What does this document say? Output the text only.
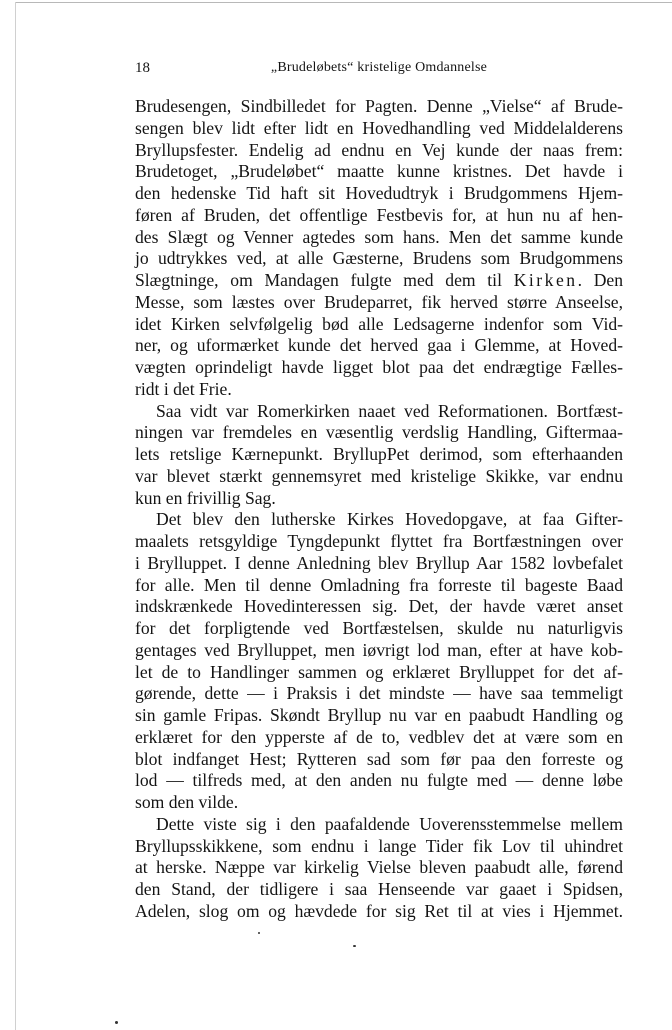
18	„Brudeløbets“ kristelige Omdannelse
Brudesengen, Sindbilledet for Pagten. Denne „Vielse“ af Brude-
sengen blev lidt efter lidt en Hovedhandling ved Middelalderens
Bryllupsfester. Endelig ad endnu en Vej kunde der naas frem:
Brudetoget, „Brudeløbet“ maatte kunne kristnes. Det havde i
den hedenske Tid haft sit Hovedudtryk i Brudgommens Hjem-
føren af Bruden, det offentlige Festbevis for, at hun nu af hen-
des Slægt og Venner agtedes som hans. Men det samme kunde
jo udtrykkes ved, at alle Gæsterne, Brudens som Brudgommens
Slægtninge, om Mandagen fulgte med dem til Kirken. Den
Messe, som læstes over Brudeparret, fik herved større Anseelse,
idet Kirken selvfølgelig bød alle Ledsagerne indenfor som Vid-
ner, og uformærket kunde det herved gaa i Glemme, at Hoved-
vægten oprindeligt havde ligget blot paa det endrægtige Fælles-
ridt i det Frie.
Saa vidt var Romerkirken naaet ved Reformationen. Bortfæst-
ningen var fremdeles en væsentlig verdslig Handling, Giftermaa-
lets retslige Kærnepunkt. BryllupPet derimod, som efterhaanden
var blevet stærkt gennemsyret med kristelige Skikke, var endnu
kun en frivillig Sag.
Det blev den lutherske Kirkes Hovedopgave, at faa Gifter-
maalets retsgyldige Tyngdepunkt flyttet fra Bortfæstningen over
i Brylluppet. I denne Anledning blev Bryllup Aar 1582 lovbefalet
for alle. Men til denne Omladning fra forreste til bageste Baad
indskrænkede Hovedinteressen sig. Det, der havde været anset
for det forpligtende ved Bortfæstelsen, skulde nu naturligvis
gentages ved Brylluppet, men iøvrigt lod man, efter at have kob-
let de to Handlinger sammen og erklæret Brylluppet for det af-
gørende, dette — i Praksis i det mindste — have saa temmeligt
sin gamle Fripas. Skøndt Bryllup nu var en paabudt Handling og
erklæret for den ypperste af de to, vedblev det at være som en
blot indfanget Hest; Rytteren sad som før paa den forreste og
lod — tilfreds med, at den anden nu fulgte med — denne løbe
som den vilde.
Dette viste sig i den paafaldende Uoverensstemmelse mellem
Bryllupsskikkene, som endnu i lange Tider fik Lov til uhindret
at herske. Næppe var kirkelig Vielse bleven paabudt alle, førend
den Stand, der tidligere i saa Henseende var gaaet i Spidsen,
Adelen, slog om og hævdede for sig Ret til at vies i Hjemmet.
